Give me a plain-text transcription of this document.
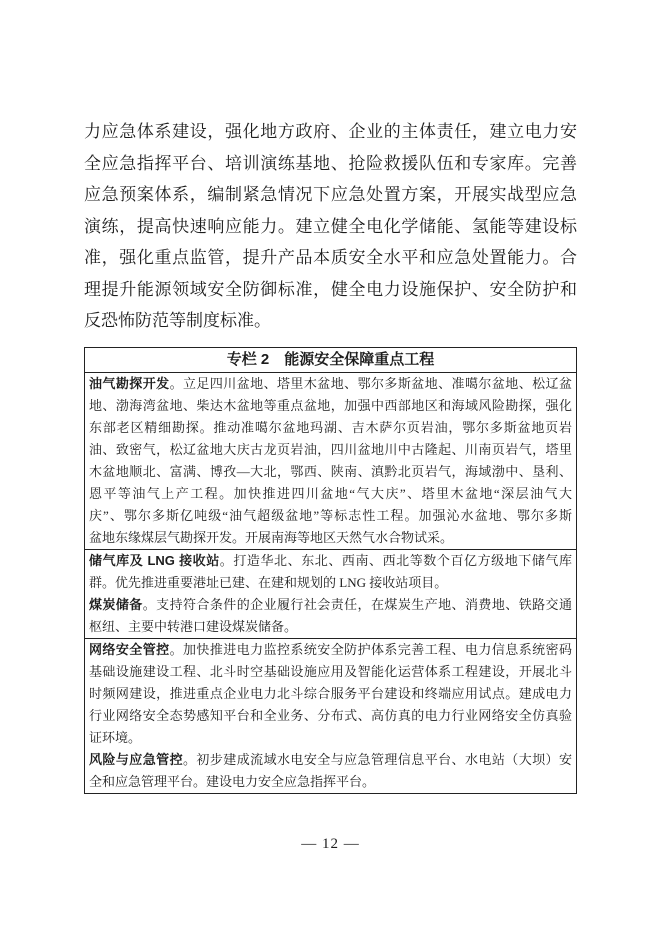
力应急体系建设，强化地方政府、企业的主体责任，建立电力安
全应急指挥平台、培训演练基地、抢险救援队伍和专家库。完善
应急预案体系，编制紧急情况下应急处置方案，开展实战型应急
演练，提高快速响应能力。建立健全电化学储能、氢能等建设标
准，强化重点监管，提升产品本质安全水平和应急处置能力。合
理提升能源领域安全防御标准，健全电力设施保护、安全防护和
反恐怖防范等制度标准。
专栏 2　能源安全保障重点工程
油气勘探开发。立足四川盆地、塔里木盆地、鄂尔多斯盆地、准噶尔盆地、松辽盆
地、渤海湾盆地、柴达木盆地等重点盆地，加强中西部地区和海域风险勘探，强化
东部老区精细勘探。推动准噶尔盆地玛湖、吉木萨尔页岩油，鄂尔多斯盆地页岩
油、致密气，松辽盆地大庆古龙页岩油，四川盆地川中古隆起、川南页岩气，塔里
木盆地顺北、富满、博孜—大北，鄂西、陕南、滇黔北页岩气，海域渤中、垦利、
恩平等油气上产工程。加快推进四川盆地“气大庆”、塔里木盆地“深层油气大
庆”、鄂尔多斯亿吨级“油气超级盆地”等标志性工程。加强沁水盆地、鄂尔多斯
盆地东缘煤层气勘探开发。开展南海等地区天然气水合物试采。
储气库及 LNG 接收站。打造华北、东北、西南、西北等数个百亿方级地下储气库
群。优先推进重要港址已建、在建和规划的 LNG 接收站项目。
煤炭储备。支持符合条件的企业履行社会责任，在煤炭生产地、消费地、铁路交通
枢纽、主要中转港口建设煤炭储备。
网络安全管控。加快推进电力监控系统安全防护体系完善工程、电力信息系统密码
基础设施建设工程、北斗时空基础设施应用及智能化运营体系工程建设，开展北斗
时频网建设，推进重点企业电力北斗综合服务平台建设和终端应用试点。建成电力
行业网络安全态势感知平台和全业务、分布式、高仿真的电力行业网络安全仿真验
证环境。
风险与应急管控。初步建成流域水电安全与应急管理信息平台、水电站（大坝）安
全和应急管理平台。建设电力安全应急指挥平台。
— 12 —
